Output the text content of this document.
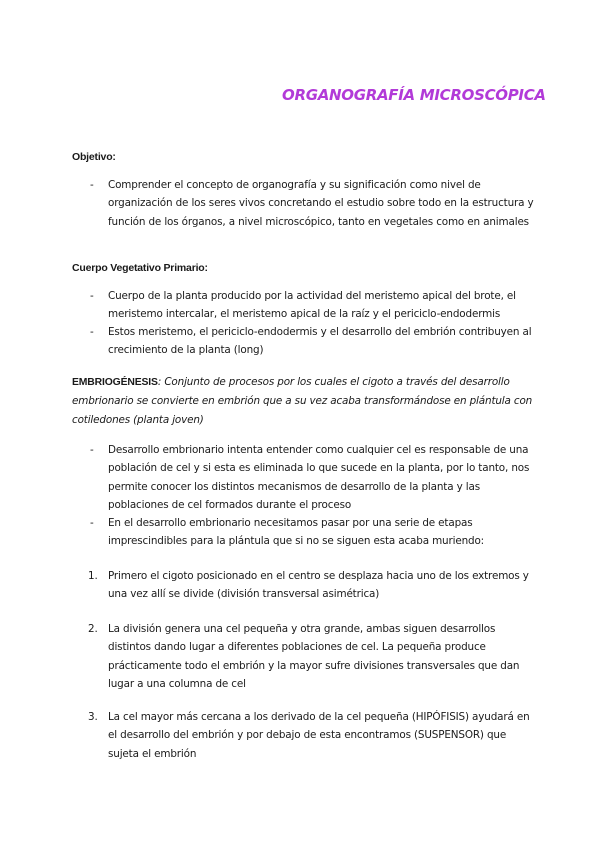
ORGANOGRAFÍA MICROSCÓPICA
Objetivo:
- Comprender el concepto de organografía y su significación como nivel de organización de los seres vivos concretando el estudio sobre todo en la estructura y función de los órganos, a nivel microscópico, tanto en vegetales como en animales
Cuerpo Vegetativo Primario:
- Cuerpo de la planta producido por la actividad del meristemo apical del brote, el meristemo intercalar, el meristemo apical de la raíz y el periciclo-endodermis
- Estos meristemo, el periciclo-endodermis y el desarrollo del embrión contribuyen al crecimiento de la planta (long)
EMBRIOGÉNESIS: Conjunto de procesos por los cuales el cigoto a través del desarrollo embrionario se convierte en embrión que a su vez acaba transformándose en plántula con cotiledones (planta joven)
- Desarrollo embrionario intenta entender como cualquier cel es responsable de una población de cel y si esta es eliminada lo que sucede en la planta, por lo tanto, nos permite conocer los distintos mecanismos de desarrollo de la planta y las poblaciones de cel formados durante el proceso
- En el desarrollo embrionario necesitamos pasar por una serie de etapas imprescindibles para la plántula que si no se siguen esta acaba muriendo:
1. Primero el cigoto posicionado en el centro se desplaza hacia uno de los extremos y una vez allí se divide (división transversal asimétrica)
2. La división genera una cel pequeña y otra grande, ambas siguen desarrollos distintos dando lugar a diferentes poblaciones de cel. La pequeña produce prácticamente todo el embrión y la mayor sufre divisiones transversales que dan lugar a una columna de cel
3. La cel mayor más cercana a los derivado de la cel pequeña (HIPÓFISIS) ayudará en el desarrollo del embrión y por debajo de esta encontramos (SUSPENSOR) que sujeta el embrión
